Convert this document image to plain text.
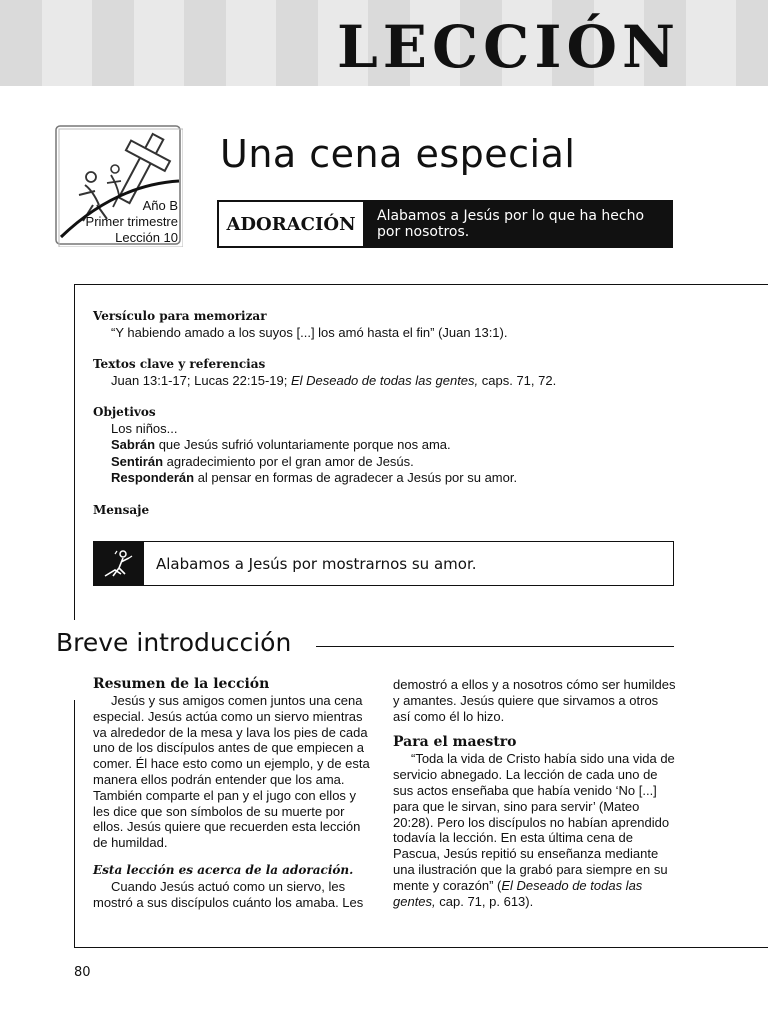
LECCIÓN
Año B
Primer trimestre
Lección 10
Una cena especial
ADORACIÓN	Alabamos a Jesús por lo que ha hecho por nosotros.
Versículo para memorizar

“Y habiendo amado a los suyos [...] los amó hasta el fin” (Juan 13:1).

Textos clave y referencias

Juan 13:1-17; Lucas 22:15-19; El Deseado de todas las gentes, caps. 71, 72.

Objetivos

Los niños...

Sabrán que Jesús sufrió voluntariamente porque nos ama.

Sentirán agradecimiento por el gran amor de Jesús.

Responderán al pensar en formas de agradecer a Jesús por su amor.

Mensaje
Alabamos a Jesús por mostrarnos su amor.
Breve introducción
Resumen de la lección

Jesús y sus amigos comen juntos una cena especial. Jesús actúa como un siervo mientras va alrededor de la mesa y lava los pies de cada uno de los discípulos antes de que empiecen a comer. Él hace esto como un ejemplo, y de esta manera ellos podrán entender que los ama. También comparte el pan y el jugo con ellos y les dice que son símbolos de su muerte por ellos. Jesús quiere que recuerden esta lección de humildad.

Esta lección es acerca de la adoración.

Cuando Jesús actuó como un siervo, les mostró a sus discípulos cuánto los amaba. Les

demostró a ellos y a nosotros cómo ser humildes y amantes. Jesús quiere que sirvamos a otros así como él lo hizo.

Para el maestro

“Toda la vida de Cristo había sido una vida de servicio abnegado. La lección de cada uno de sus actos enseñaba que había venido ‘No [...] para que le sirvan, sino para servir’ (Mateo 20:28). Pero los discípulos no habían aprendido todavía la lección. En esta última cena de Pascua, Jesús repitió su enseñanza mediante una ilustración que la grabó para siempre en su mente y corazón” (El Deseado de todas las gentes, cap. 71, p. 613).

80
